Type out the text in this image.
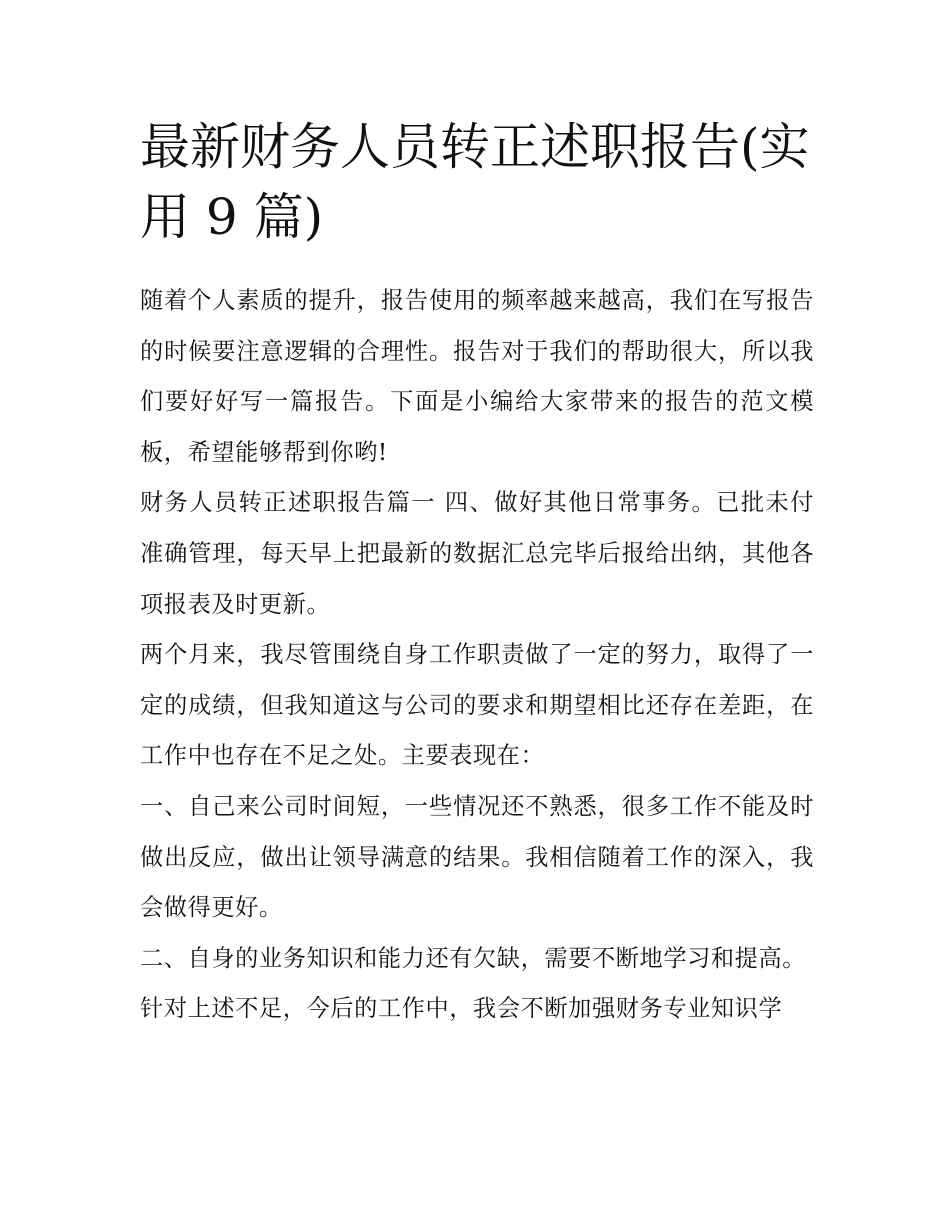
最新财务人员转正述职报告(实用 9 篇)

随着个人素质的提升，报告使用的频率越来越高，我们在写报告的时候要注意逻辑的合理性。报告对于我们的帮助很大，所以我们要好好写一篇报告。下面是小编给大家带来的报告的范文模板，希望能够帮到你哟!

财务人员转正述职报告篇一 四、做好其他日常事务。已批未付准确管理，每天早上把最新的数据汇总完毕后报给出纳，其他各项报表及时更新。

两个月来，我尽管围绕自身工作职责做了一定的努力，取得了一定的成绩，但我知道这与公司的要求和期望相比还存在差距，在工作中也存在不足之处。主要表现在：

一、自己来公司时间短，一些情况还不熟悉，很多工作不能及时做出反应，做出让领导满意的结果。我相信随着工作的深入，我会做得更好。

二、自身的业务知识和能力还有欠缺，需要不断地学习和提高。

针对上述不足，今后的工作中，我会不断加强财务专业知识学
